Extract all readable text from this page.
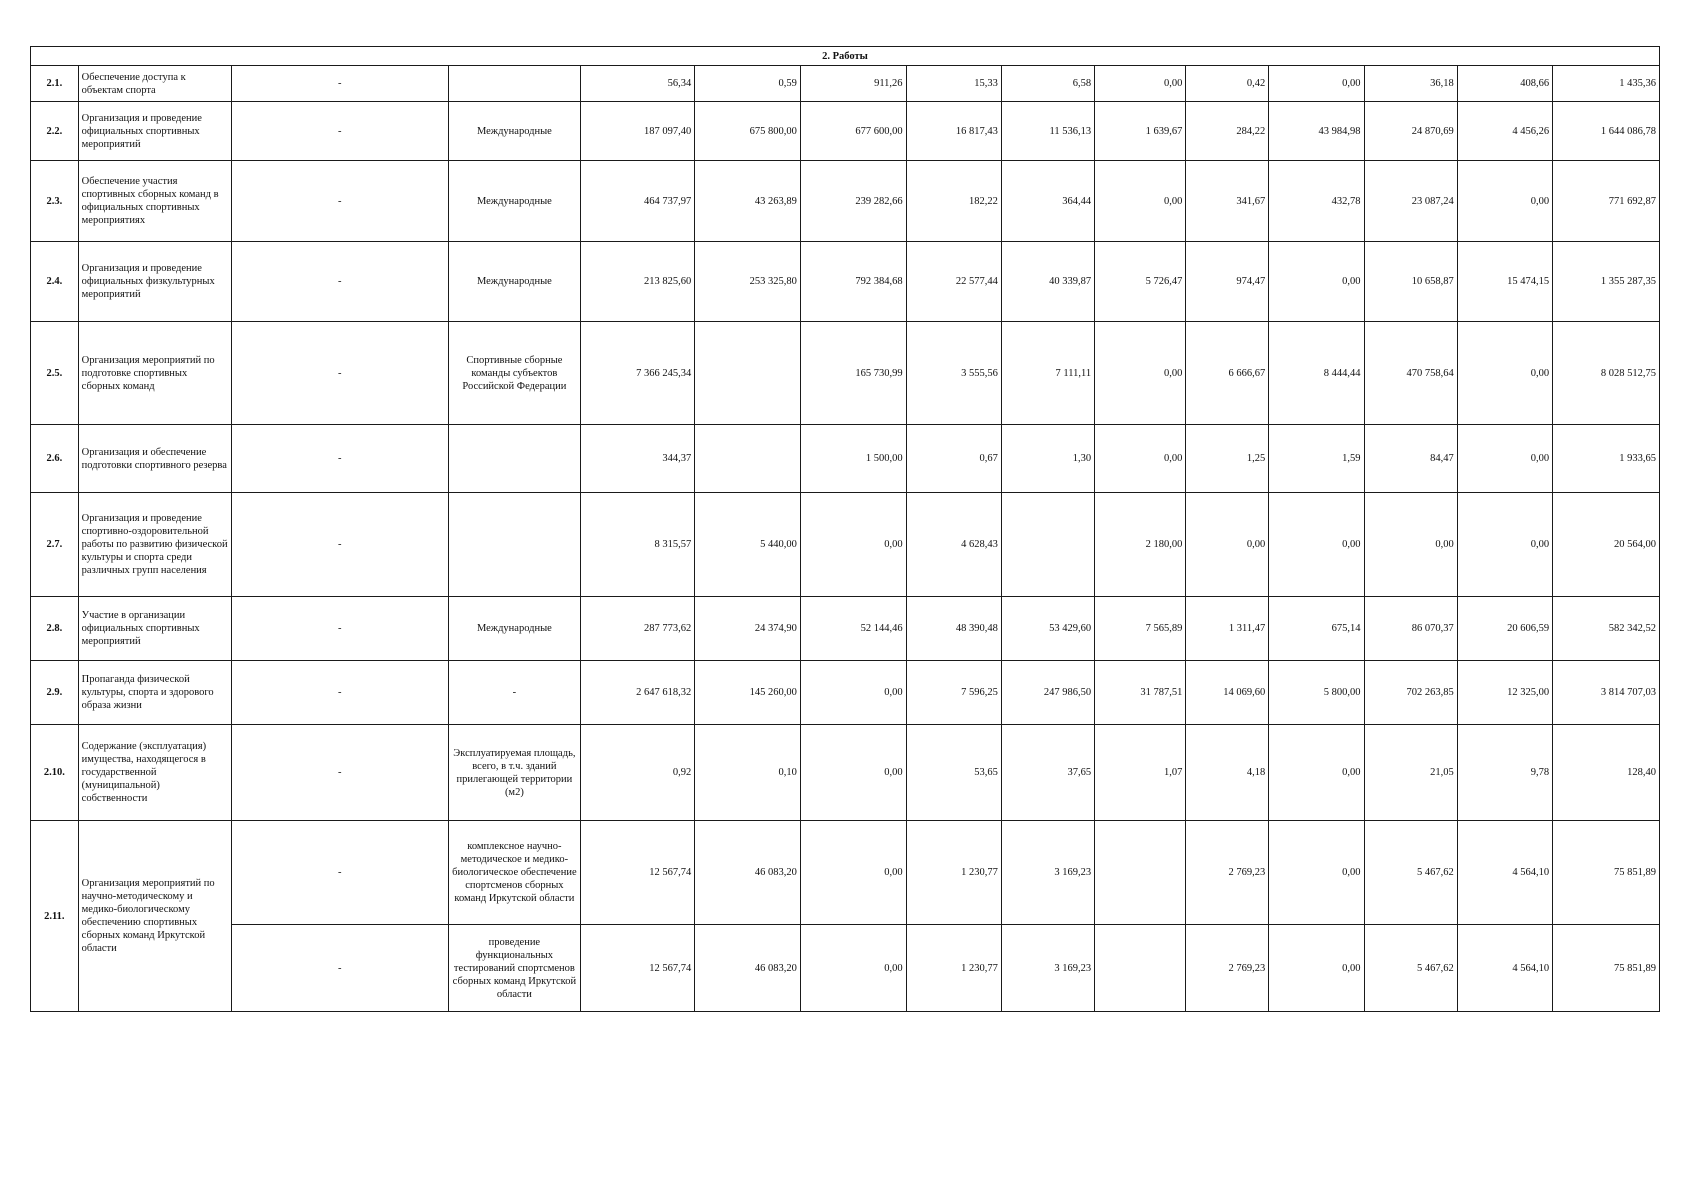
2. Работы														
2.1.	Обеспечение доступа к объектам спорта	-		56,34	0,59	911,26	15,33	6,58	0,00	0,42	0,00	36,18	408,66	1 435,36
2.2.	Организация и проведение официальных спортивных мероприятий	-	Международные	187 097,40	675 800,00	677 600,00	16 817,43	11 536,13	1 639,67	284,22	43 984,98	24 870,69	4 456,26	1 644 086,78
2.3.	Обеспечение участия спортивных сборных команд в официальных спортивных мероприятиях	-	Международные	464 737,97	43 263,89	239 282,66	182,22	364,44	0,00	341,67	432,78	23 087,24	0,00	771 692,87
2.4.	Организация и проведение официальных физкультурных мероприятий	-	Международные	213 825,60	253 325,80	792 384,68	22 577,44	40 339,87	5 726,47	974,47	0,00	10 658,87	15 474,15	1 355 287,35
2.5.	Организация мероприятий по подготовке спортивных сборных команд	-	Спортивные сборные команды субъектов Российской Федерации	7 366 245,34		165 730,99	3 555,56	7 111,11	0,00	6 666,67	8 444,44	470 758,64	0,00	8 028 512,75
2.6.	Организация и обеспечение подготовки спортивного резерва	-		344,37		1 500,00	0,67	1,30	0,00	1,25	1,59	84,47	0,00	1 933,65
2.7.	Организация и проведение спортивно-оздоровительной работы по развитию физической культуры и спорта среди различных групп населения	-		8 315,57	5 440,00	0,00	4 628,43		2 180,00	0,00	0,00	0,00	0,00	20 564,00
2.8.	Участие в организации официальных спортивных мероприятий	-	Международные	287 773,62	24 374,90	52 144,46	48 390,48	53 429,60	7 565,89	1 311,47	675,14	86 070,37	20 606,59	582 342,52
2.9.	Пропаганда физической культуры, спорта и здорового образа жизни	-	-	2 647 618,32	145 260,00	0,00	7 596,25	247 986,50	31 787,51	14 069,60	5 800,00	702 263,85	12 325,00	3 814 707,03
2.10.	Содержание (эксплуатация) имущества, находящегося в государственной (муниципальной) собственности	-	Эксплуатируемая площадь, всего, в т.ч. зданий прилегающей территории (м2)	0,92	0,10	0,00	53,65	37,65	1,07	4,18	0,00	21,05	9,78	128,40
2.11.	Организация мероприятий по научно-методическому и медико-биологическому обеспечению спортивных сборных команд Иркутской области	-	комплексное научно-методическое и медико-биологическое обеспечение спортсменов сборных команд Иркутской области	12 567,74	46 083,20	0,00	1 230,77	3 169,23		2 769,23	0,00	5 467,62	4 564,10	75 851,89
		-	проведение функциональных тестирований спортсменов сборных команд Иркутской области	12 567,74	46 083,20	0,00	1 230,77	3 169,23		2 769,23	0,00	5 467,62	4 564,10	75 851,89
